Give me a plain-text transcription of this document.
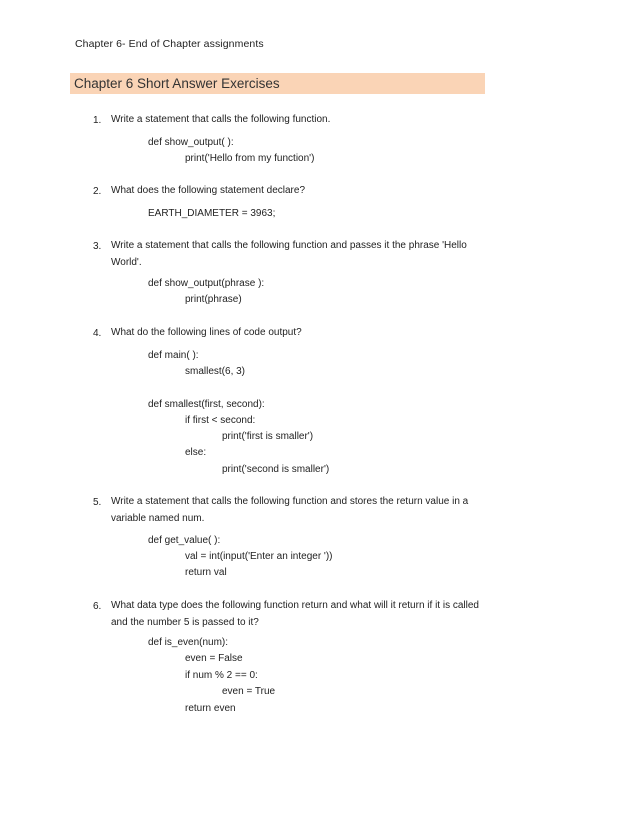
Chapter 6- End of Chapter assignments
Chapter 6 Short Answer Exercises
1. Write a statement that calls the following function.
def show_output( ):
print('Hello from my function')
2. What does the following statement declare?
EARTH_DIAMETER = 3963;
3. Write a statement that calls the following function and passes it the phrase 'Hello World'.
def show_output(phrase ):
print(phrase)
4. What do the following lines of code output?
def main( ):
smallest(6, 3)
def smallest(first, second):
if first < second:
print('first is smaller')
else:
print('second is smaller')
5. Write a statement that calls the following function and stores the return value in a variable named num.
def get_value( ):
val = int(input('Enter an integer '))
return val
6. What data type does the following function return and what will it return if it is called and the number 5 is passed to it?
def is_even(num):
even = False
if num % 2 == 0:
even = True
return even
